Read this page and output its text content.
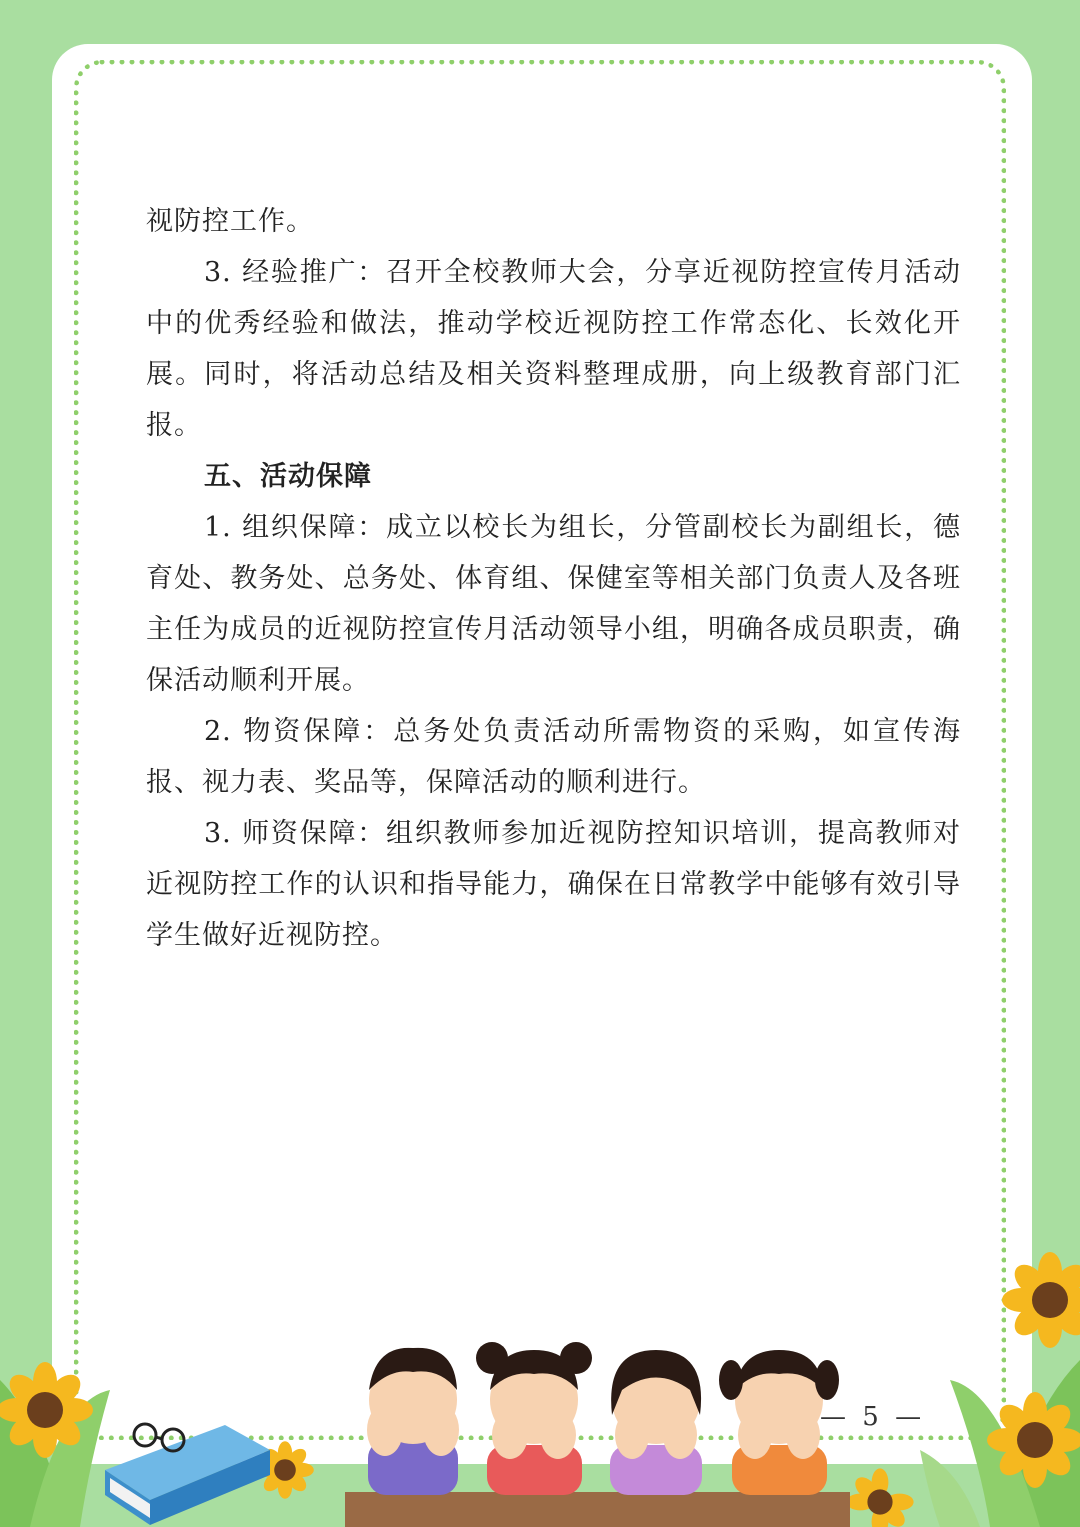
视防控工作。

3. 经验推广：召开全校教师大会，分享近视防控宣传月活动中的优秀经验和做法，推动学校近视防控工作常态化、长效化开展。同时，将活动总结及相关资料整理成册，向上级教育部门汇报。

五、活动保障

1. 组织保障：成立以校长为组长，分管副校长为副组长，德育处、教务处、总务处、体育组、保健室等相关部门负责人及各班主任为成员的近视防控宣传月活动领导小组，明确各成员职责，确保活动顺利开展。

2. 物资保障：总务处负责活动所需物资的采购，如宣传海报、视力表、奖品等，保障活动的顺利进行。

3. 师资保障：组织教师参加近视防控知识培训，提高教师对近视防控工作的认识和指导能力，确保在日常教学中能够有效引导学生做好近视防控。

— 5 —
